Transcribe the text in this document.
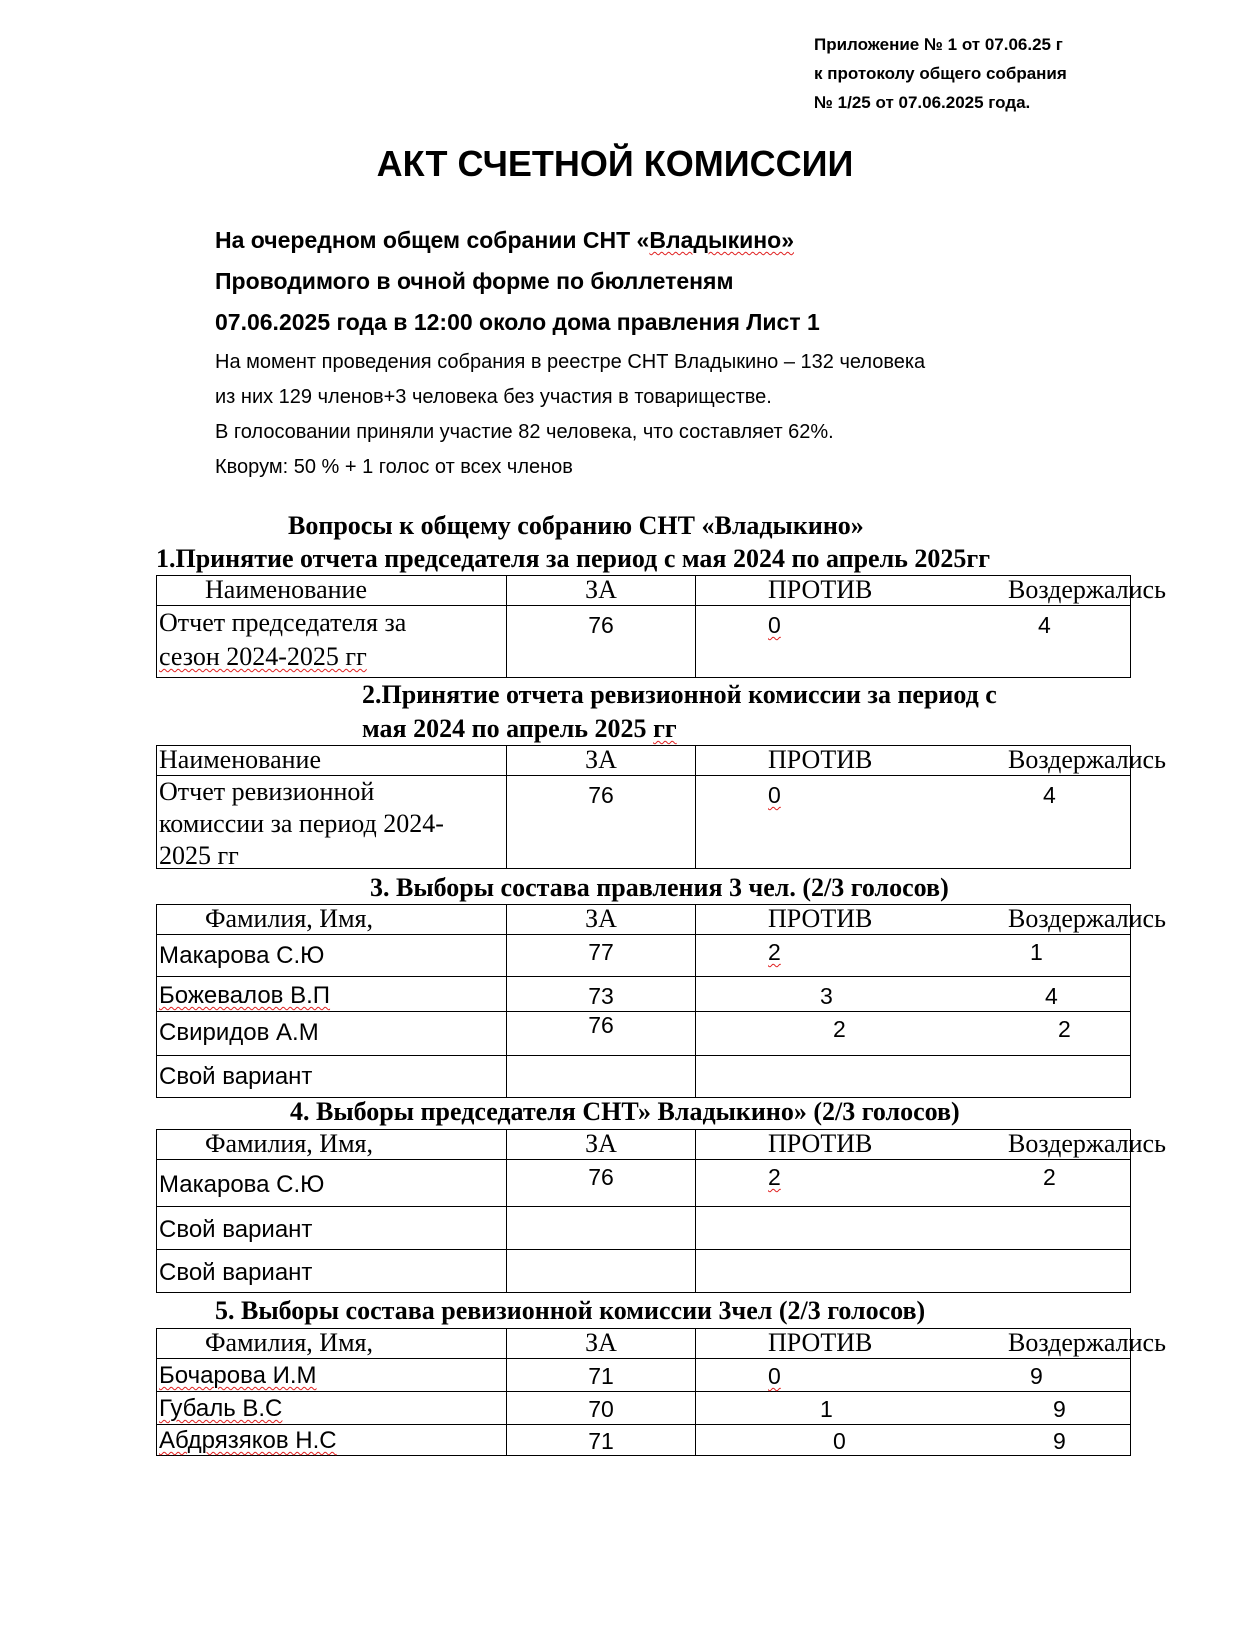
Приложение № 1 от 07.06.25 г
к протоколу общего собрания
№ 1/25 от 07.06.2025 года.
АКТ СЧЕТНОЙ КОМИССИИ
На очередном общем собрании СНТ «Владыкино»
Проводимого в очной форме по бюллетеням
07.06.2025 года в 12:00 около дома правления Лист 1
На момент проведения собрания в реестре СНТ Владыкино – 132 человека
из них 129 членов+3 человека без участия в товариществе.
В голосовании приняли участие 82 человека, что составляет 62%.
Кворум: 50 % + 1 голос от всех членов
Вопросы к общему собранию СНТ «Владыкино»
1.Принятие отчета председателя за период с мая 2024 по апрель 2025гг
Наименование	ЗА	ПРОТИВ Воздержались
Отчет председателя за
сезон 2024-2025 гг	76	0 4
2.Принятие отчета ревизионной комиссии за период с
мая 2024 по апрель 2025 гг
Наименование	ЗА	ПРОТИВ Воздержались

Отчет ревизионной
комиссии за период 2024-
2025 гг	76	0 4
3. Выборы состава правления 3 чел. (2/3 голосов)
Фамилия, Имя,	ЗА	ПРОТИВ Воздержались
Макарова С.Ю	77	2 1
Божевалов В.П	73	3 4
Свиридов А.М	76	2 2
Свой вариант		
4. Выборы председателя СНТ» Владыкино» (2/3 голосов)
Фамилия, Имя,	ЗА	ПРОТИВ Воздержались
Макарова С.Ю	76	2 2
Свой вариант		
Свой вариант		
5. Выборы состава ревизионной комиссии 3чел (2/3 голосов)
Фамилия, Имя,	ЗА	ПРОТИВ Воздержались
Бочарова И.М	71	0 9
Губаль В.С	70	1 9
Абдрязяков Н.С	71	0 9
